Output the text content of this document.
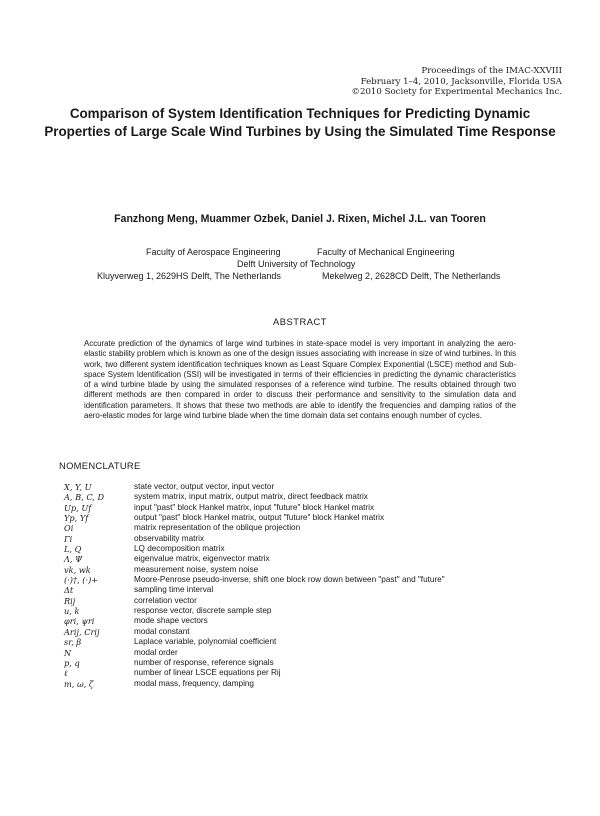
Proceedings of the IMAC-XXVIII
February 1–4, 2010, Jacksonville, Florida USA
©2010 Society for Experimental Mechanics Inc.
Comparison of System Identification Techniques for Predicting Dynamic Properties of Large Scale Wind Turbines by Using the Simulated Time Response
Fanzhong Meng, Muammer Ozbek, Daniel J. Rixen, Michel J.L. van Tooren
Faculty of Aerospace Engineering	Faculty of Mechanical Engineering
Delft University of Technology
Kluyverweg 1, 2629HS Delft, The Netherlands	Mekelweg 2, 2628CD Delft, The Netherlands
ABSTRACT
Accurate prediction of the dynamics of large wind turbines in state-space model is very important in analyzing the aero-elastic stability problem which is known as one of the design issues associating with increase in size of wind turbines. In this work, two different system identification techniques known as Least Square Complex Exponential (LSCE) method and Sub-space System Identification (SSI) will be investigated in terms of their efficiencies in predicting the dynamic characteristics of a wind turbine blade by using the simulated responses of a reference wind turbine. The results obtained through two different methods are then compared in order to discuss their performance and sensitivity to the simulation data and identification parameters. It shows that these two methods are able to identify the frequencies and damping ratios of the aero-elastic modes for large wind turbine blade when the time domain data set contains enough number of cycles.
NOMENCLATURE
X, Y, U	state vector, output vector, input vector
A, B, C, D	system matrix, input matrix, output matrix, direct feedback matrix
Up, Uf	input "past" block Hankel matrix, input "future" block Hankel matrix
Yp, Yf	output "past" block Hankel matrix, output "future" block Hankel matrix
Oi	matrix representation of the oblique projection
Γi	observability matrix
L, Q	LQ decomposition matrix
Λ, Ψ	eigenvalue matrix, eigenvector matrix
vk, wk	measurement noise, system noise
(·)†, (·)+	Moore-Penrose pseudo-inverse, shift one block row down between "past" and "future"
Δt	sampling time interval
Rij	correlation vector
u, k	response vector, discrete sample step
φri, ψri	mode shape vectors
Arij, Crij	modal constant
sr, β	Laplace variable, polynomial coefficient
N	modal order
p, q	number of response, reference signals
ℓ	number of linear LSCE equations per Rij
m, ω, ζ	modal mass, frequency, damping
